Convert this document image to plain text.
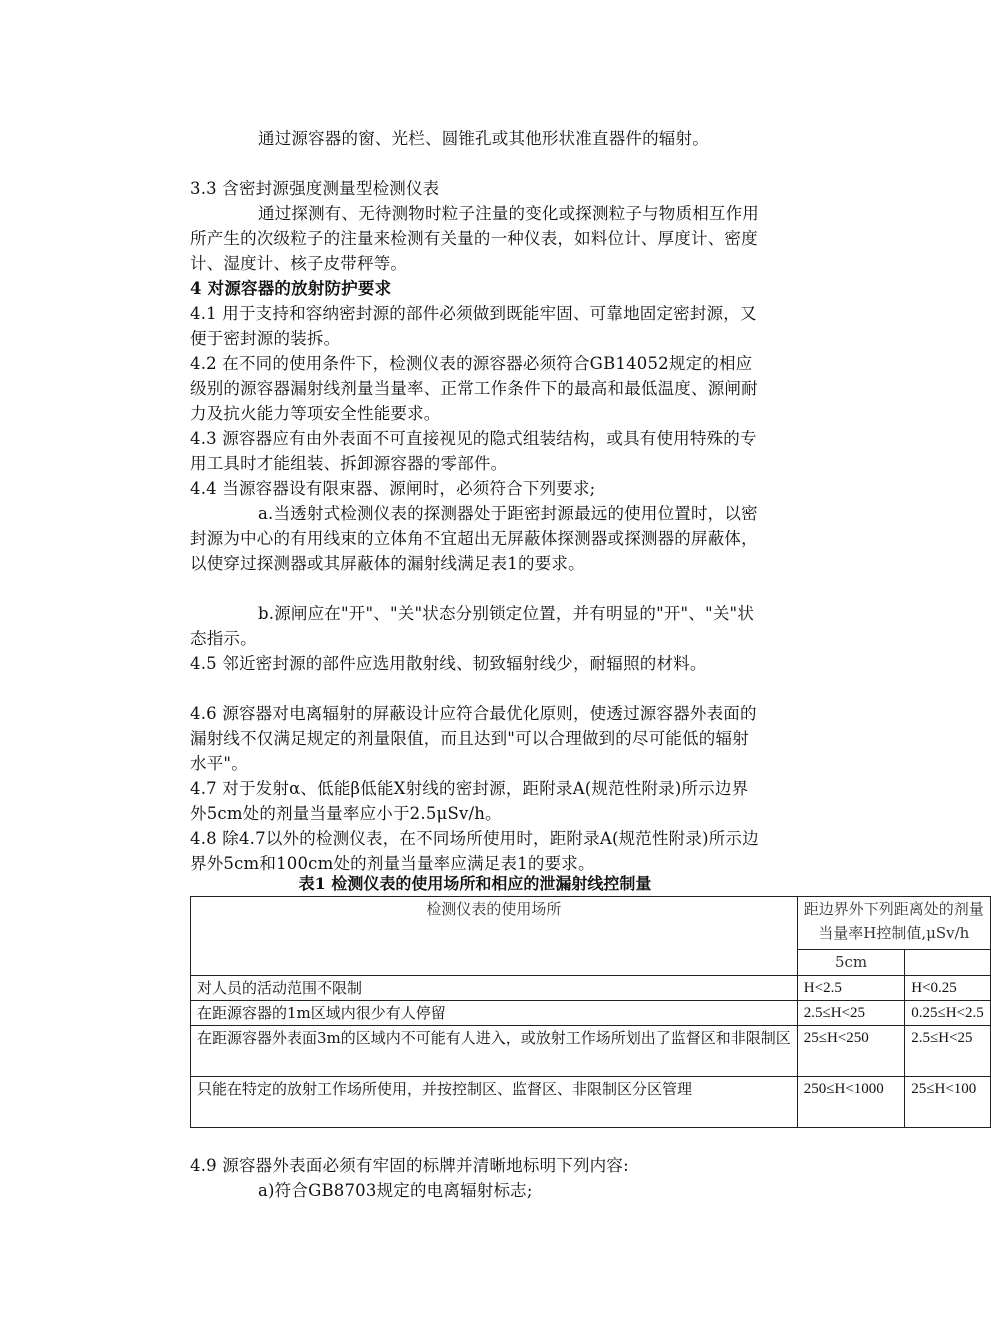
通过源容器的窗、光栏、圆锥孔或其他形状准直器件的辐射。

3.3 含密封源强度测量型检测仪表

通过探测有、无待测物时粒子注量的变化或探测粒子与物质相互作用所产生的次级粒子的注量来检测有关量的一种仪表，如料位计、厚度计、密度计、湿度计、核子皮带秤等。

4 对源容器的放射防护要求

4.1 用于支持和容纳密封源的部件必须做到既能牢固、可靠地固定密封源，又便于密封源的装拆。

4.2 在不同的使用条件下，检测仪表的源容器必须符合GB14052规定的相应级别的源容器漏射线剂量当量率、正常工作条件下的最高和最低温度、源闸耐力及抗火能力等项安全性能要求。

4.3 源容器应有由外表面不可直接视见的隐式组装结构，或具有使用特殊的专用工具时才能组装、拆卸源容器的零部件。

4.4 当源容器设有限束器、源闸时，必须符合下列要求;

a.当透射式检测仪表的探测器处于距密封源最远的使用位置时，以密封源为中心的有用线束的立体角不宜超出无屏蔽体探测器或探测器的屏蔽体，以使穿过探测器或其屏蔽体的漏射线满足表1的要求。

b.源闸应在"开"、"关"状态分别锁定位置，并有明显的"开"、"关"状态指示。

4.5 邻近密封源的部件应选用散射线、韧致辐射线少，耐辐照的材料。

4.6 源容器对电离辐射的屏蔽设计应符合最优化原则，使透过源容器外表面的漏射线不仅满足规定的剂量限值，而且达到"可以合理做到的尽可能低的辐射水平"。

4.7 对于发射α、低能β低能X射线的密封源，距附录A(规范性附录)所示边界外5cm处的剂量当量率应小于2.5μSv/h。

4.8 除4.7以外的检测仪表，在不同场所使用时，距附录A(规范性附录)所示边界外5cm和100cm处的剂量当量率应满足表1的要求。

表1 检测仪表的使用场所和相应的泄漏射线控制量
检测仪表的使用场所	距边界外下列距离处的剂量
当量率H控制值,μSv/h	

	5cm	
对人员的活动范围不限制	H<2.5	H<0.25
在距源容器的1m区域内很少有人停留	2.5≤H<25	0.25≤H<2.5
在距源容器外表面3m的区域内不可能有人进入，或放射工作场所划出了监督区和非限制区	25≤H<250	2.5≤H<25
只能在特定的放射工作场所使用，并按控制区、监督区、非限制区分区管理	250≤H<1000	25≤H<100

4.9 源容器外表面必须有牢固的标牌并清晰地标明下列内容:

a)符合GB8703规定的电离辐射标志;
